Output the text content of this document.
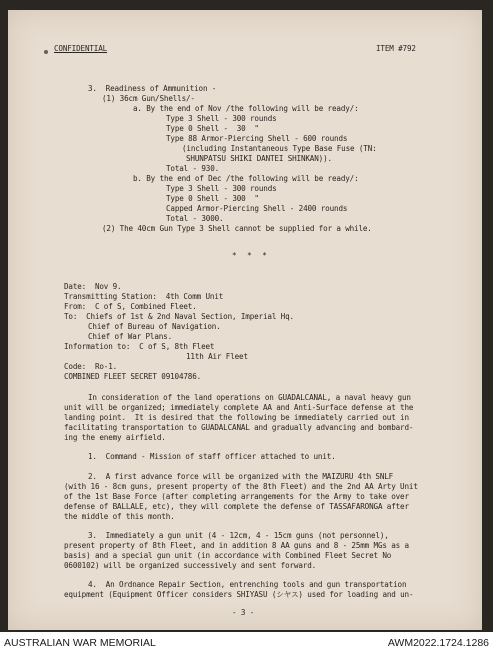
CONFIDENTIAL	ITEM #792
3.  Readiness of Ammunition -
(1) 36cm Gun/Shells/-
a. By the end of Nov /the following will be ready/:
Type 3 Shell - 300 rounds
Type 0 Shell -  30  "
Type 88 Armor-Piercing Shell - 600 rounds
(including Instantaneous Type Base Fuse (TN:
SHUNPATSU SHIKI DANTEI SHINKAN)).
Total - 930.
b. By the end of Dec /the following will be ready/:
Type 3 Shell - 300 rounds
Type 0 Shell - 300  "
Capped Armor-Piercing Shell - 2400 rounds
Total - 3000.
(2) The 40cm Gun Type 3 Shell cannot be supplied for a while.
* * *
Date:  Nov 9.
Transmitting Station:  4th Comm Unit
From:  C of S, Combined Fleet.
To:  Chiefs of 1st & 2nd Naval Section, Imperial Hq.
Chief of Bureau of Navigation.
Chief of War Plans.
Information to:  C of S, 8th Fleet
11th Air Fleet
Code:  Ro-1.
COMBINED FLEET SECRET 09104786.
In consideration of the land operations on GUADALCANAL, a naval heavy gun
unit will be organized; immediately complete AA and Anti-Surface defense at the
landing point.  It is desired that the following be immediately carried out in
facilitating transportation to GUADALCANAL and gradually advancing and bombard-
ing the enemy airfield.
1.  Command - Mission of staff officer attached to unit.
2.  A first advance force will be organized with the MAIZURU 4th SNLF
(with 16 - 8cm guns, present property of the 8th Fleet) and the 2nd AA Arty Unit
of the 1st Base Force (after completing arrangements for the Army to take over
defense of BALLALE, etc), they will complete the defense of TASSAFARONGA after
the middle of this month.
3.  Immediately a gun unit (4 - 12cm, 4 - 15cm guns (not personnel),
present property of 8th Fleet, and in addition 8 AA guns and 8 - 25mm MGs as a
basis) and a special gun unit (in accordance with Combined Fleet Secret No
0600102) will be organized successively and sent forward.
4.  An Ordnance Repair Section, entrenching tools and gun transportation
equipment (Equipment Officer considers SHIYASU (シヤス) used for loading and un-
- 3 -
AUSTRALIAN WAR MEMORIAL	AWM2022.1724.1286
